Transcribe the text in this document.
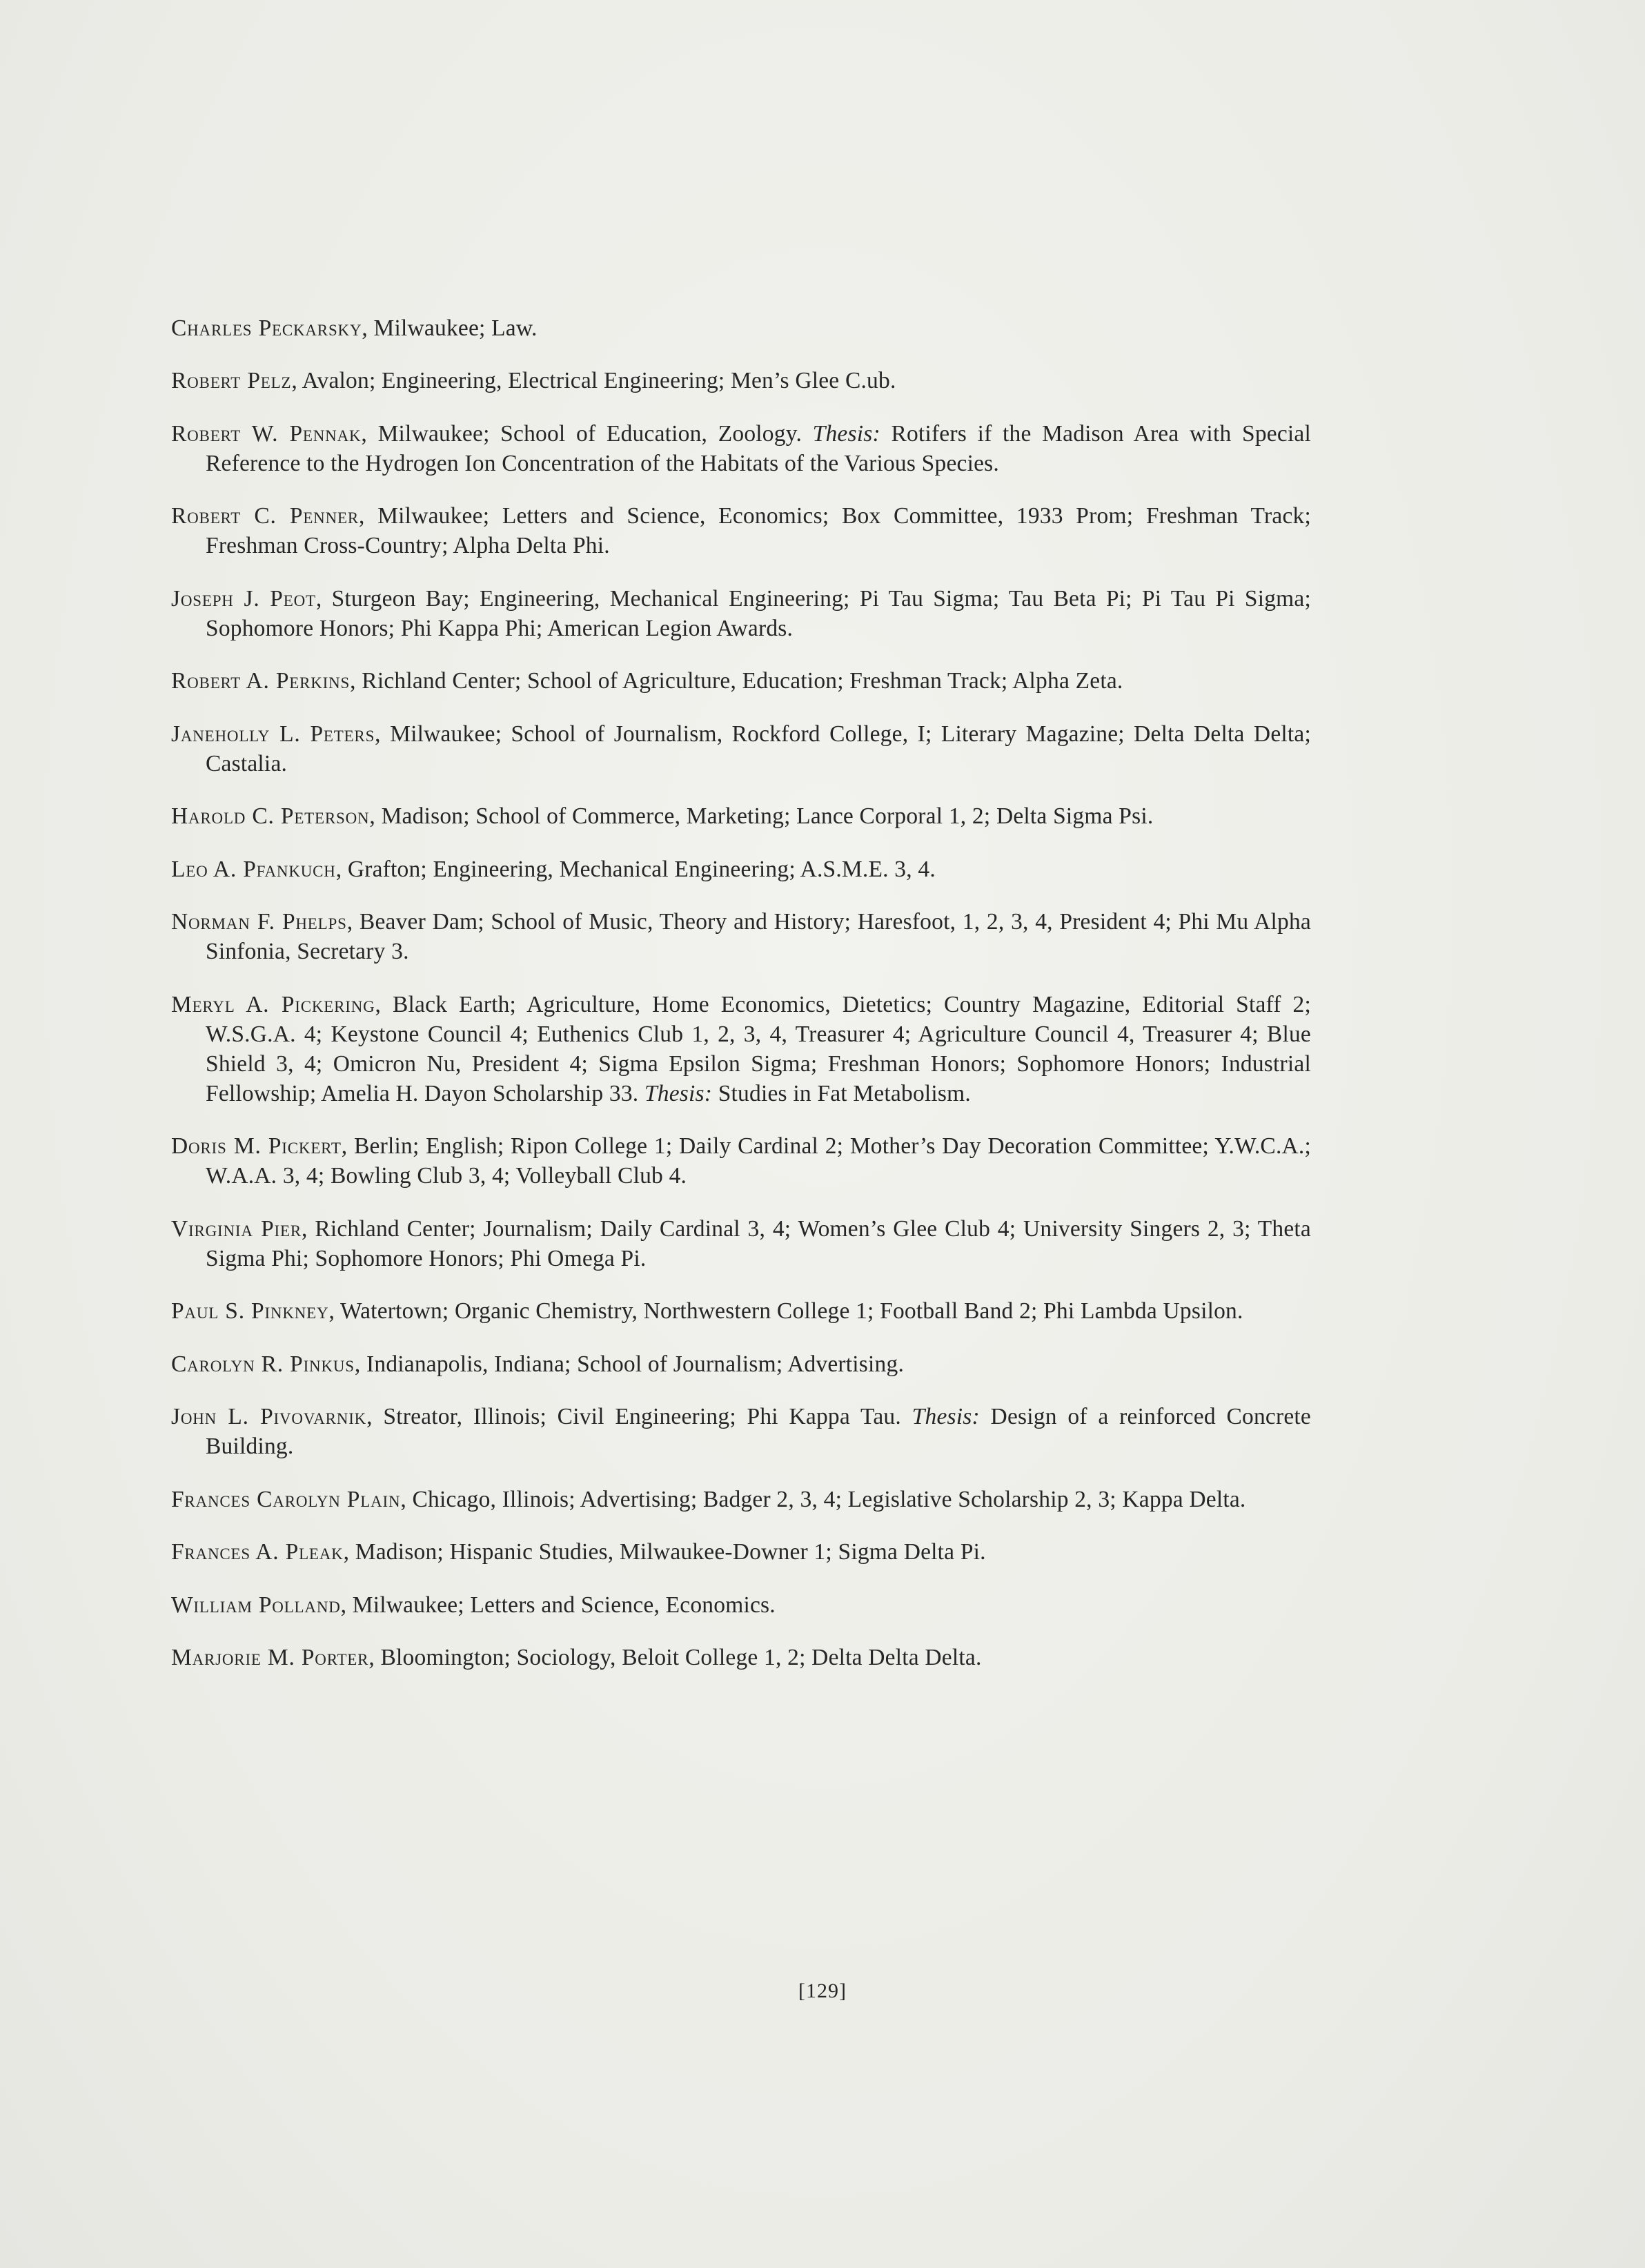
Charles Peckarsky, Milwaukee; Law.

Robert Pelz, Avalon; Engineering, Electrical Engineering; Men’s Glee C.ub.

Robert W. Pennak, Milwaukee; School of Education, Zoology. Thesis: Rotifers if the Madison Area with Special Reference to the Hydrogen Ion Concentration of the Habitats of the Various Species.

Robert C. Penner, Milwaukee; Letters and Science, Economics; Box Committee, 1933 Prom; Freshman Track; Freshman Cross-Country; Alpha Delta Phi.

Joseph J. Peot, Sturgeon Bay; Engineering, Mechanical Engineering; Pi Tau Sigma; Tau Beta Pi; Pi Tau Pi Sigma; Sophomore Honors; Phi Kappa Phi; American Legion Awards.

Robert A. Perkins, Richland Center; School of Agriculture, Education; Freshman Track; Alpha Zeta.

Janeholly L. Peters, Milwaukee; School of Journalism, Rockford College, I; Literary Magazine; Delta Delta Delta; Castalia.

Harold C. Peterson, Madison; School of Commerce, Marketing; Lance Corporal 1, 2; Delta Sigma Psi.

Leo A. Pfankuch, Grafton; Engineering, Mechanical Engineering; A.S.M.E. 3, 4.

Norman F. Phelps, Beaver Dam; School of Music, Theory and History; Haresfoot, 1, 2, 3, 4, President 4; Phi Mu Alpha Sinfonia, Secretary 3.

Meryl A. Pickering, Black Earth; Agriculture, Home Economics, Dietetics; Country Magazine, Editorial Staff 2; W.S.G.A. 4; Keystone Council 4; Euthenics Club 1, 2, 3, 4, Treasurer 4; Agriculture Council 4, Treasurer 4; Blue Shield 3, 4; Omicron Nu, President 4; Sigma Epsilon Sigma; Freshman Honors; Sophomore Honors; Industrial Fellowship; Amelia H. Dayon Scholarship 33. Thesis: Studies in Fat Metabolism.

Doris M. Pickert, Berlin; English; Ripon College 1; Daily Cardinal 2; Mother’s Day Decoration Committee; Y.W.C.A.; W.A.A. 3, 4; Bowling Club 3, 4; Volleyball Club 4.

Virginia Pier, Richland Center; Journalism; Daily Cardinal 3, 4; Women’s Glee Club 4; University Singers 2, 3; Theta Sigma Phi; Sophomore Honors; Phi Omega Pi.

Paul S. Pinkney, Watertown; Organic Chemistry, Northwestern College 1; Football Band 2; Phi Lambda Upsilon.

Carolyn R. Pinkus, Indianapolis, Indiana; School of Journalism; Advertising.

John L. Pivovarnik, Streator, Illinois; Civil Engineering; Phi Kappa Tau. Thesis: Design of a reinforced Concrete Building.

Frances Carolyn Plain, Chicago, Illinois; Advertising; Badger 2, 3, 4; Legislative Scholarship 2, 3; Kappa Delta.

Frances A. Pleak, Madison; Hispanic Studies, Milwaukee-Downer 1; Sigma Delta Pi.

William Polland, Milwaukee; Letters and Science, Economics.

Marjorie M. Porter, Bloomington; Sociology, Beloit College 1, 2; Delta Delta Delta.

[129]
